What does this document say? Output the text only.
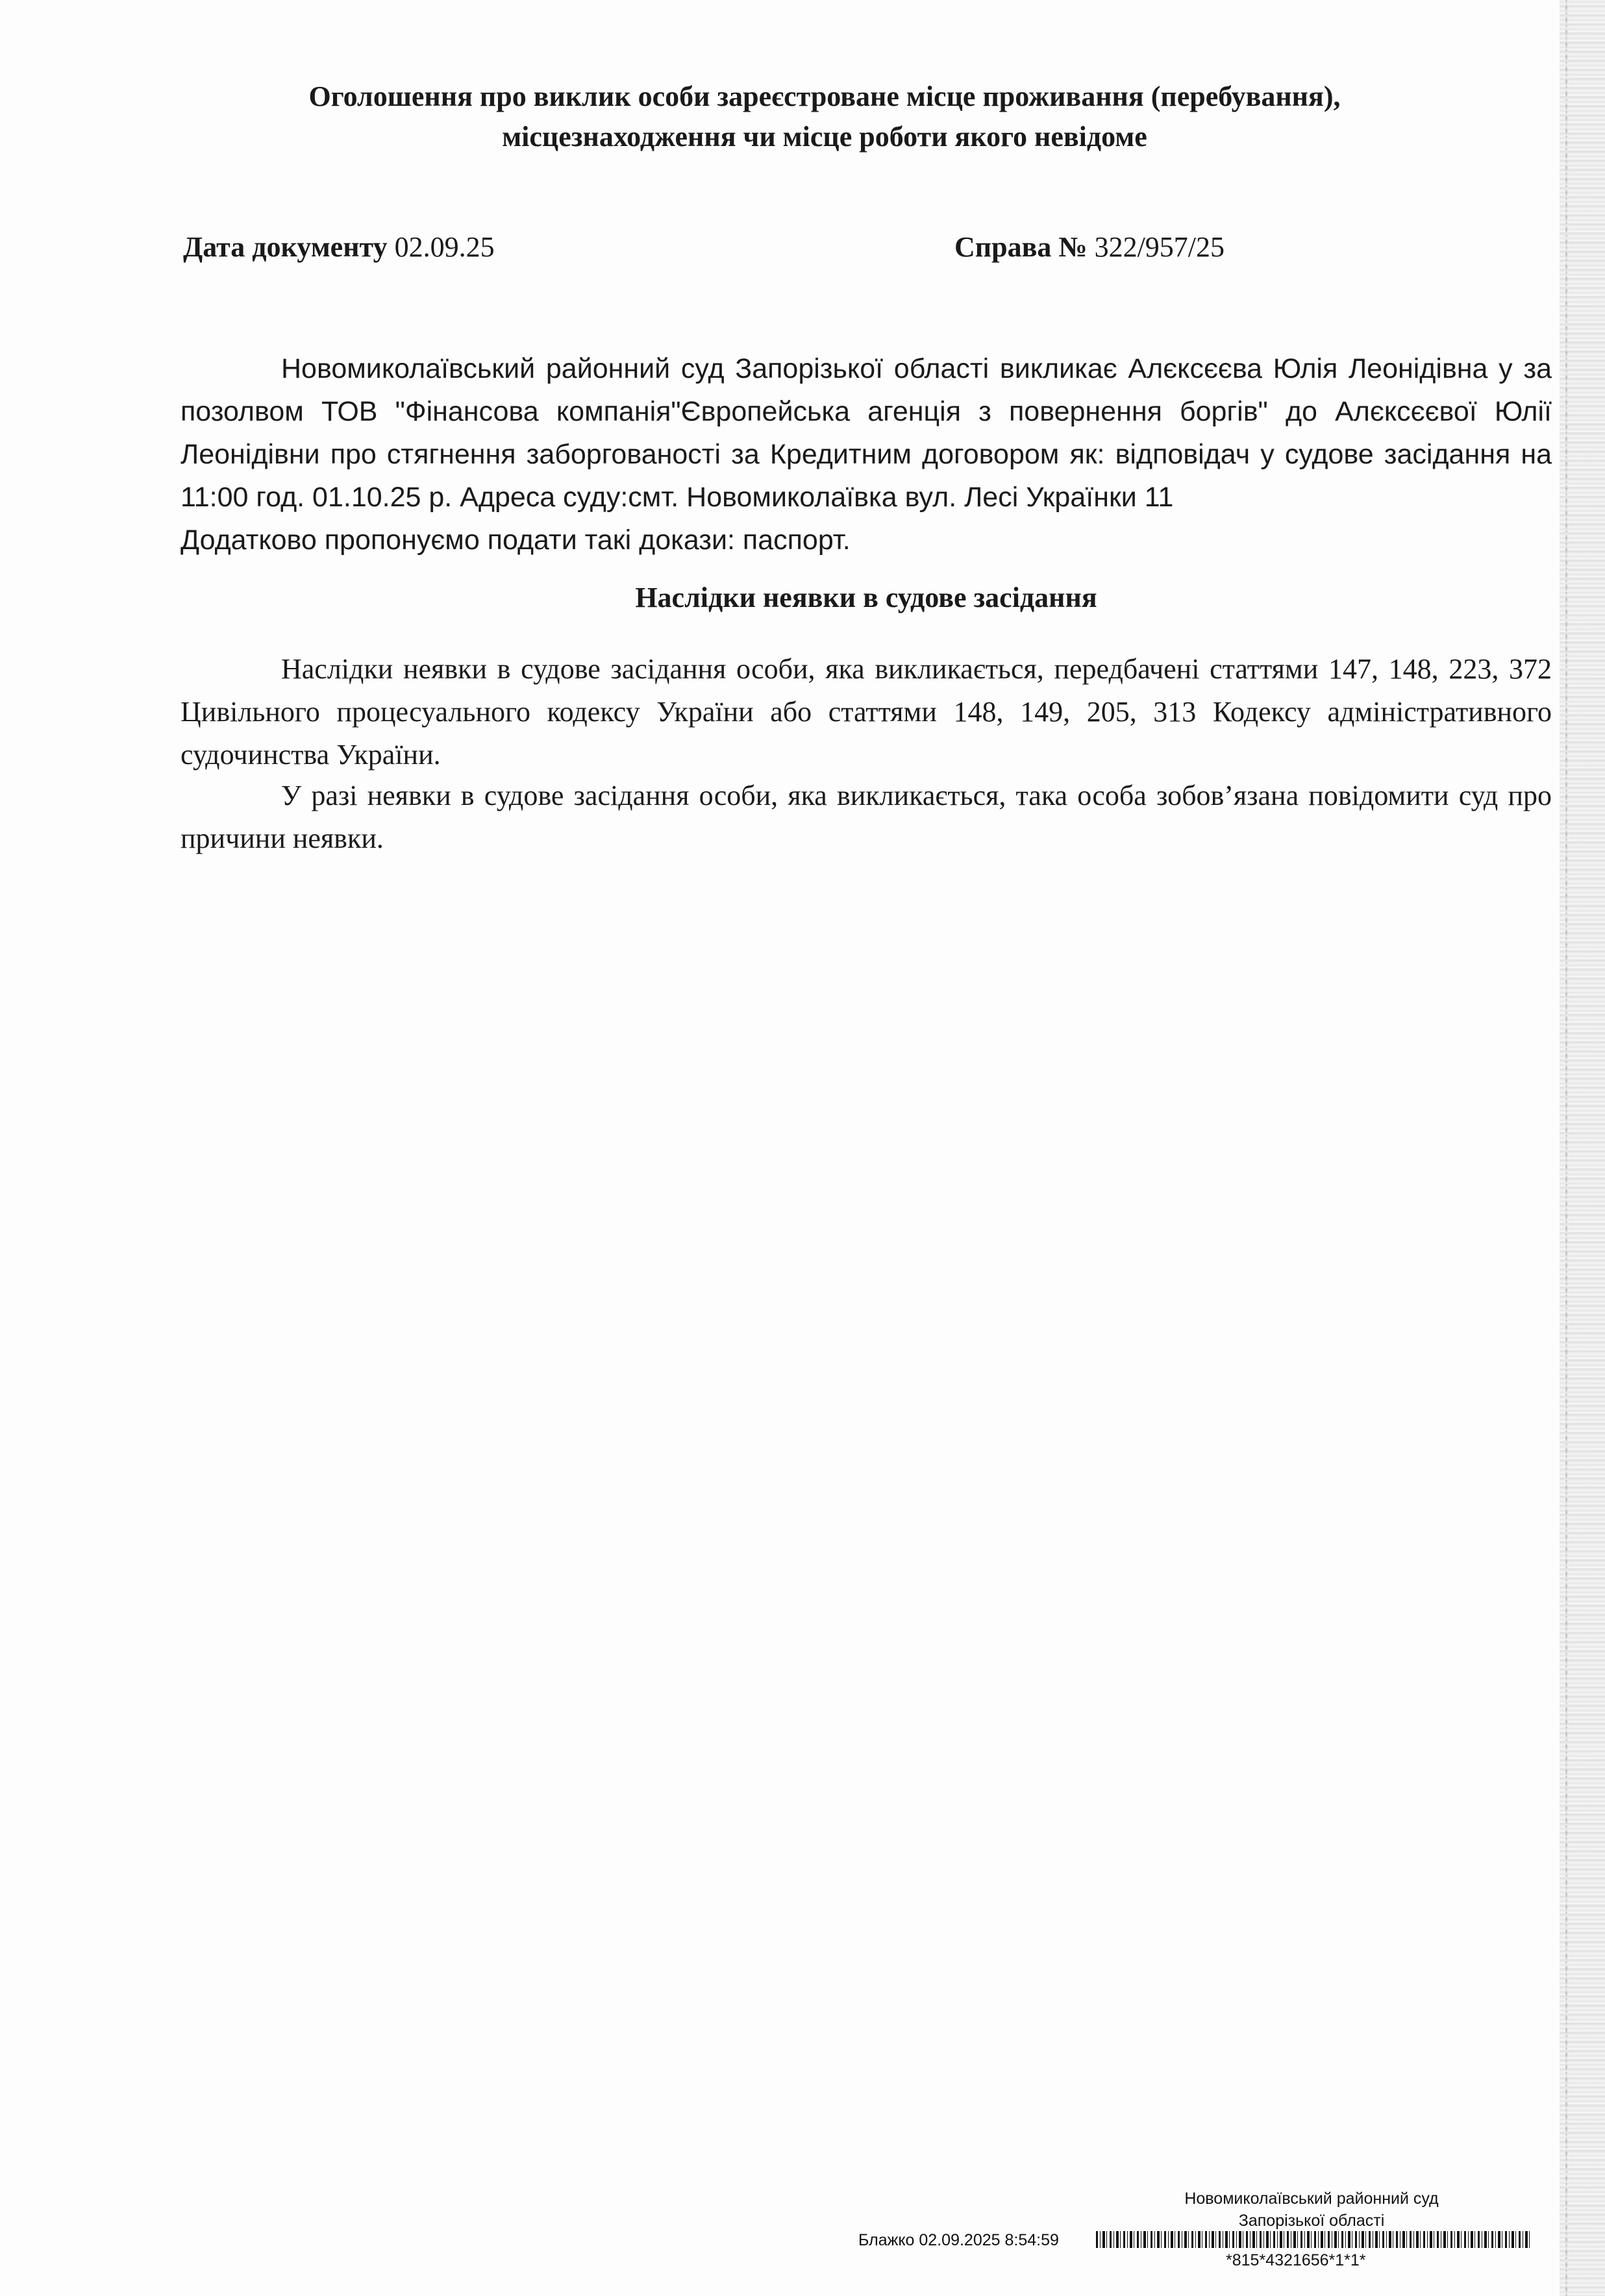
Оголошення про виклик особи зареєстроване місце проживання (перебування),
місцезнаходження чи місце роботи якого невідоме
Дата документу 02.09.25	Справа № 322/957/25
Новомиколаївський районний суд Запорізької області викликає Алєксєєва Юлія Леонідівна у за позолвом ТОВ "Фінансова компанія"Європейська агенція з повернення боргів" до Алєксєєвої Юлії Леонідівни про стягнення заборгованості за Кредитним договором як: відповідач у судове засідання на 11:00 год. 01.10.25 р. Адреса суду:смт. Новомиколаївка вул. Лесі Українки 11
Додатково пропонуємо подати такі докази: паспорт.
Наслідки неявки в судове засідання
Наслідки неявки в судове засідання особи, яка викликається, передбачені статтями 147, 148, 223, 372 Цивільного процесуального кодексу України або статтями 148, 149, 205, 313 Кодексу адміністративного судочинства України.
У разі неявки в судове засідання особи, яка викликається, така особа зобов’язана повідомити суд про причини неявки.
Новомиколаївський районний суд
Запорізької області
Блажко 02.09.2025 8:54:59
*815*4321656*1*1*
